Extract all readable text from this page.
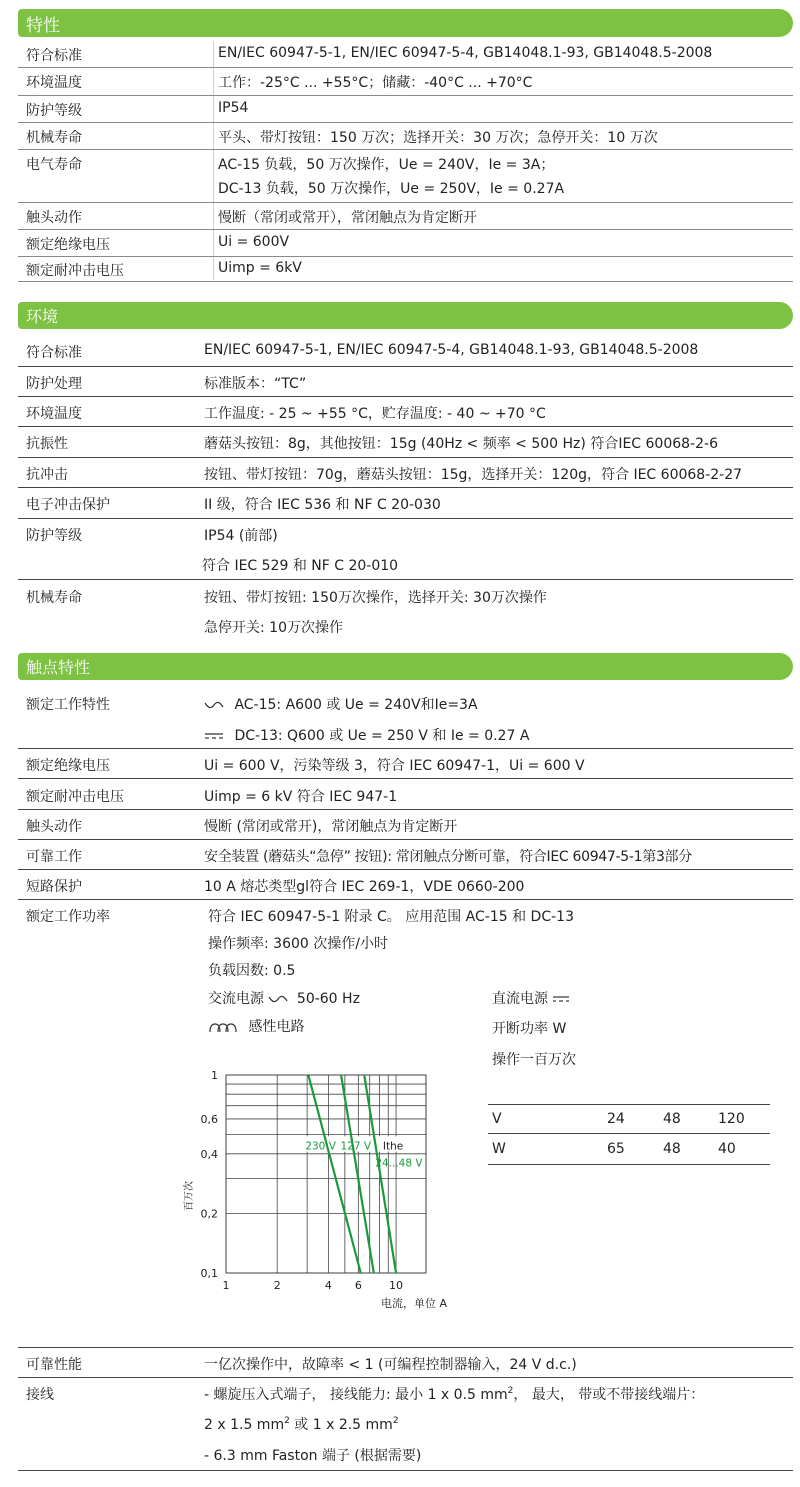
特性
符合标准	EN/IEC 60947-5-1, EN/IEC 60947-5-4, GB14048.1-93, GB14048.5-2008
环境温度	工作：-25°C ... +55°C；储藏：-40°C ... +70°C
防护等级	IP54
机械寿命	平头、带灯按钮：150 万次；选择开关：30 万次；急停开关：10 万次
电气寿命	AC-15 负载，50 万次操作，Ue = 240V，Ie = 3A；
DC-13 负载，50 万次操作，Ue = 250V，Ie = 0.27A
触头动作	慢断（常闭或常开），常闭触点为肯定断开
额定绝缘电压	Ui = 600V
额定耐冲击电压	Uimp = 6kV
环境
符合标准	EN/IEC 60947-5-1, EN/IEC 60947-5-4, GB14048.1-93, GB14048.5-2008
防护处理	标准版本：“TC”
环境温度	工作温度: - 25 ~ +55 °C，贮存温度: - 40 ~ +70 °C
抗振性	蘑菇头按钮：8g，其他按钮：15g (40Hz < 频率 < 500 Hz) 符合IEC 60068-2-6
抗冲击	按钮、带灯按钮：70g，蘑菇头按钮：15g，选择开关：120g，符合 IEC 60068-2-27
电子冲击保护	II 级，符合 IEC 536 和 NF C 20-030
防护等级	IP54 (前部)
符合 IEC 529 和 NF C 20-010
机械寿命	按钮、带灯按钮: 150万次操作，选择开关: 30万次操作
急停开关: 10万次操作
触点特性
额定工作特性	AC-15: A600 或 Ue = 240V和Ie=3A
DC-13: Q600 或 Ue = 250 V 和 Ie = 0.27 A
额定绝缘电压	Ui = 600 V，污染等级 3，符合 IEC 60947-1，Ui = 600 V
额定耐冲击电压	Uimp = 6 kV 符合 IEC 947-1
触头动作	慢断 (常闭或常开)，常闭触点为肯定断开
可靠工作	安全装置 (蘑菇头“急停” 按钮): 常闭触点分断可靠，符合IEC 60947-5-1第3部分
短路保护	10 A 熔芯类型gl符合 IEC 269-1，VDE 0660-200
额定工作功率	符合 IEC 60947-5-1 附录 C。 应用范围 AC-15 和 DC-13
操作频率: 3600 次操作/小时
负载因数: 0.5
交流电源 50-60 Hz
感性电路
直流电源
开断功率 W
操作一百万次
1	2	4 6 10
1
0,6
0,4
0,2
0,1
电流，单位 A
百万次
230 V 127 V
24...48 V
Ithe
V	24	48	120
W	65	48	40
可靠性能	一亿次操作中，故障率 < 1 (可编程控制器输入，24 V d.c.)
接线	- 螺旋压入式端子， 接线能力: 最小 1 x 0.5 $mm^2$， 最大， 带或不带接线端片：
2 x 1.5 $mm^2$ 或 1 x 2.5 $mm^2$
- 6.3 mm Faston 端子 (根据需要)
